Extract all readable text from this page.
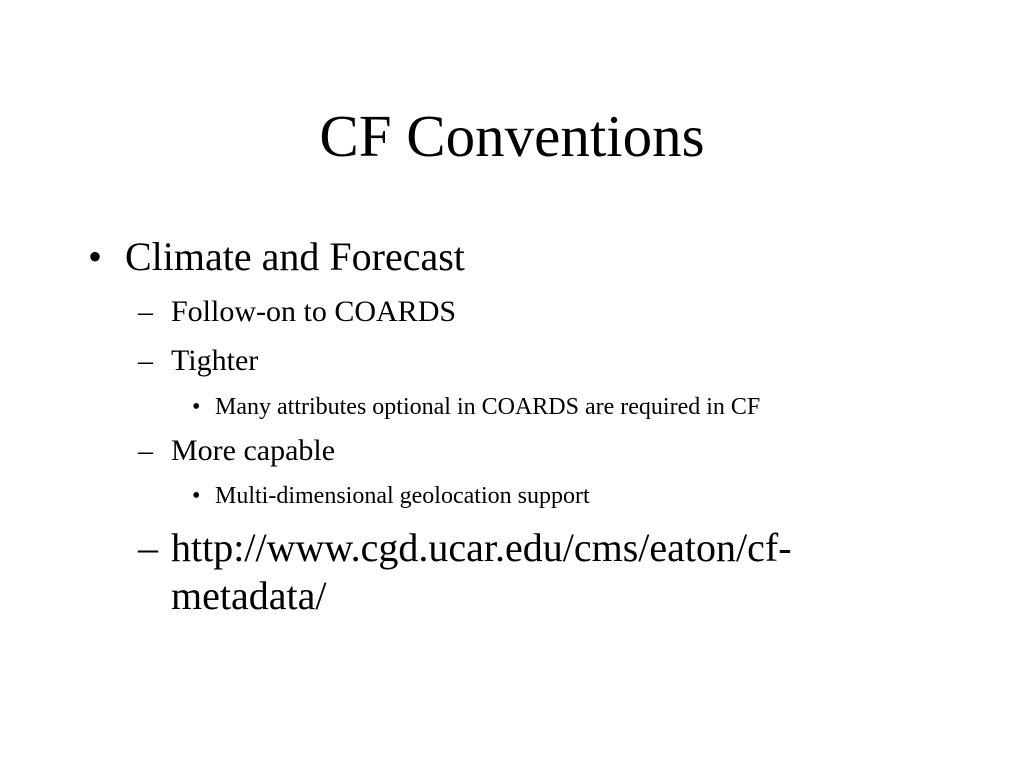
CF Conventions
• Climate and Forecast
– Follow-on to COARDS
– Tighter
• Many attributes optional in COARDS are required in CF
– More capable
• Multi-dimensional geolocation support
– http://www.cgd.ucar.edu/cms/eaton/cf-
metadata/
